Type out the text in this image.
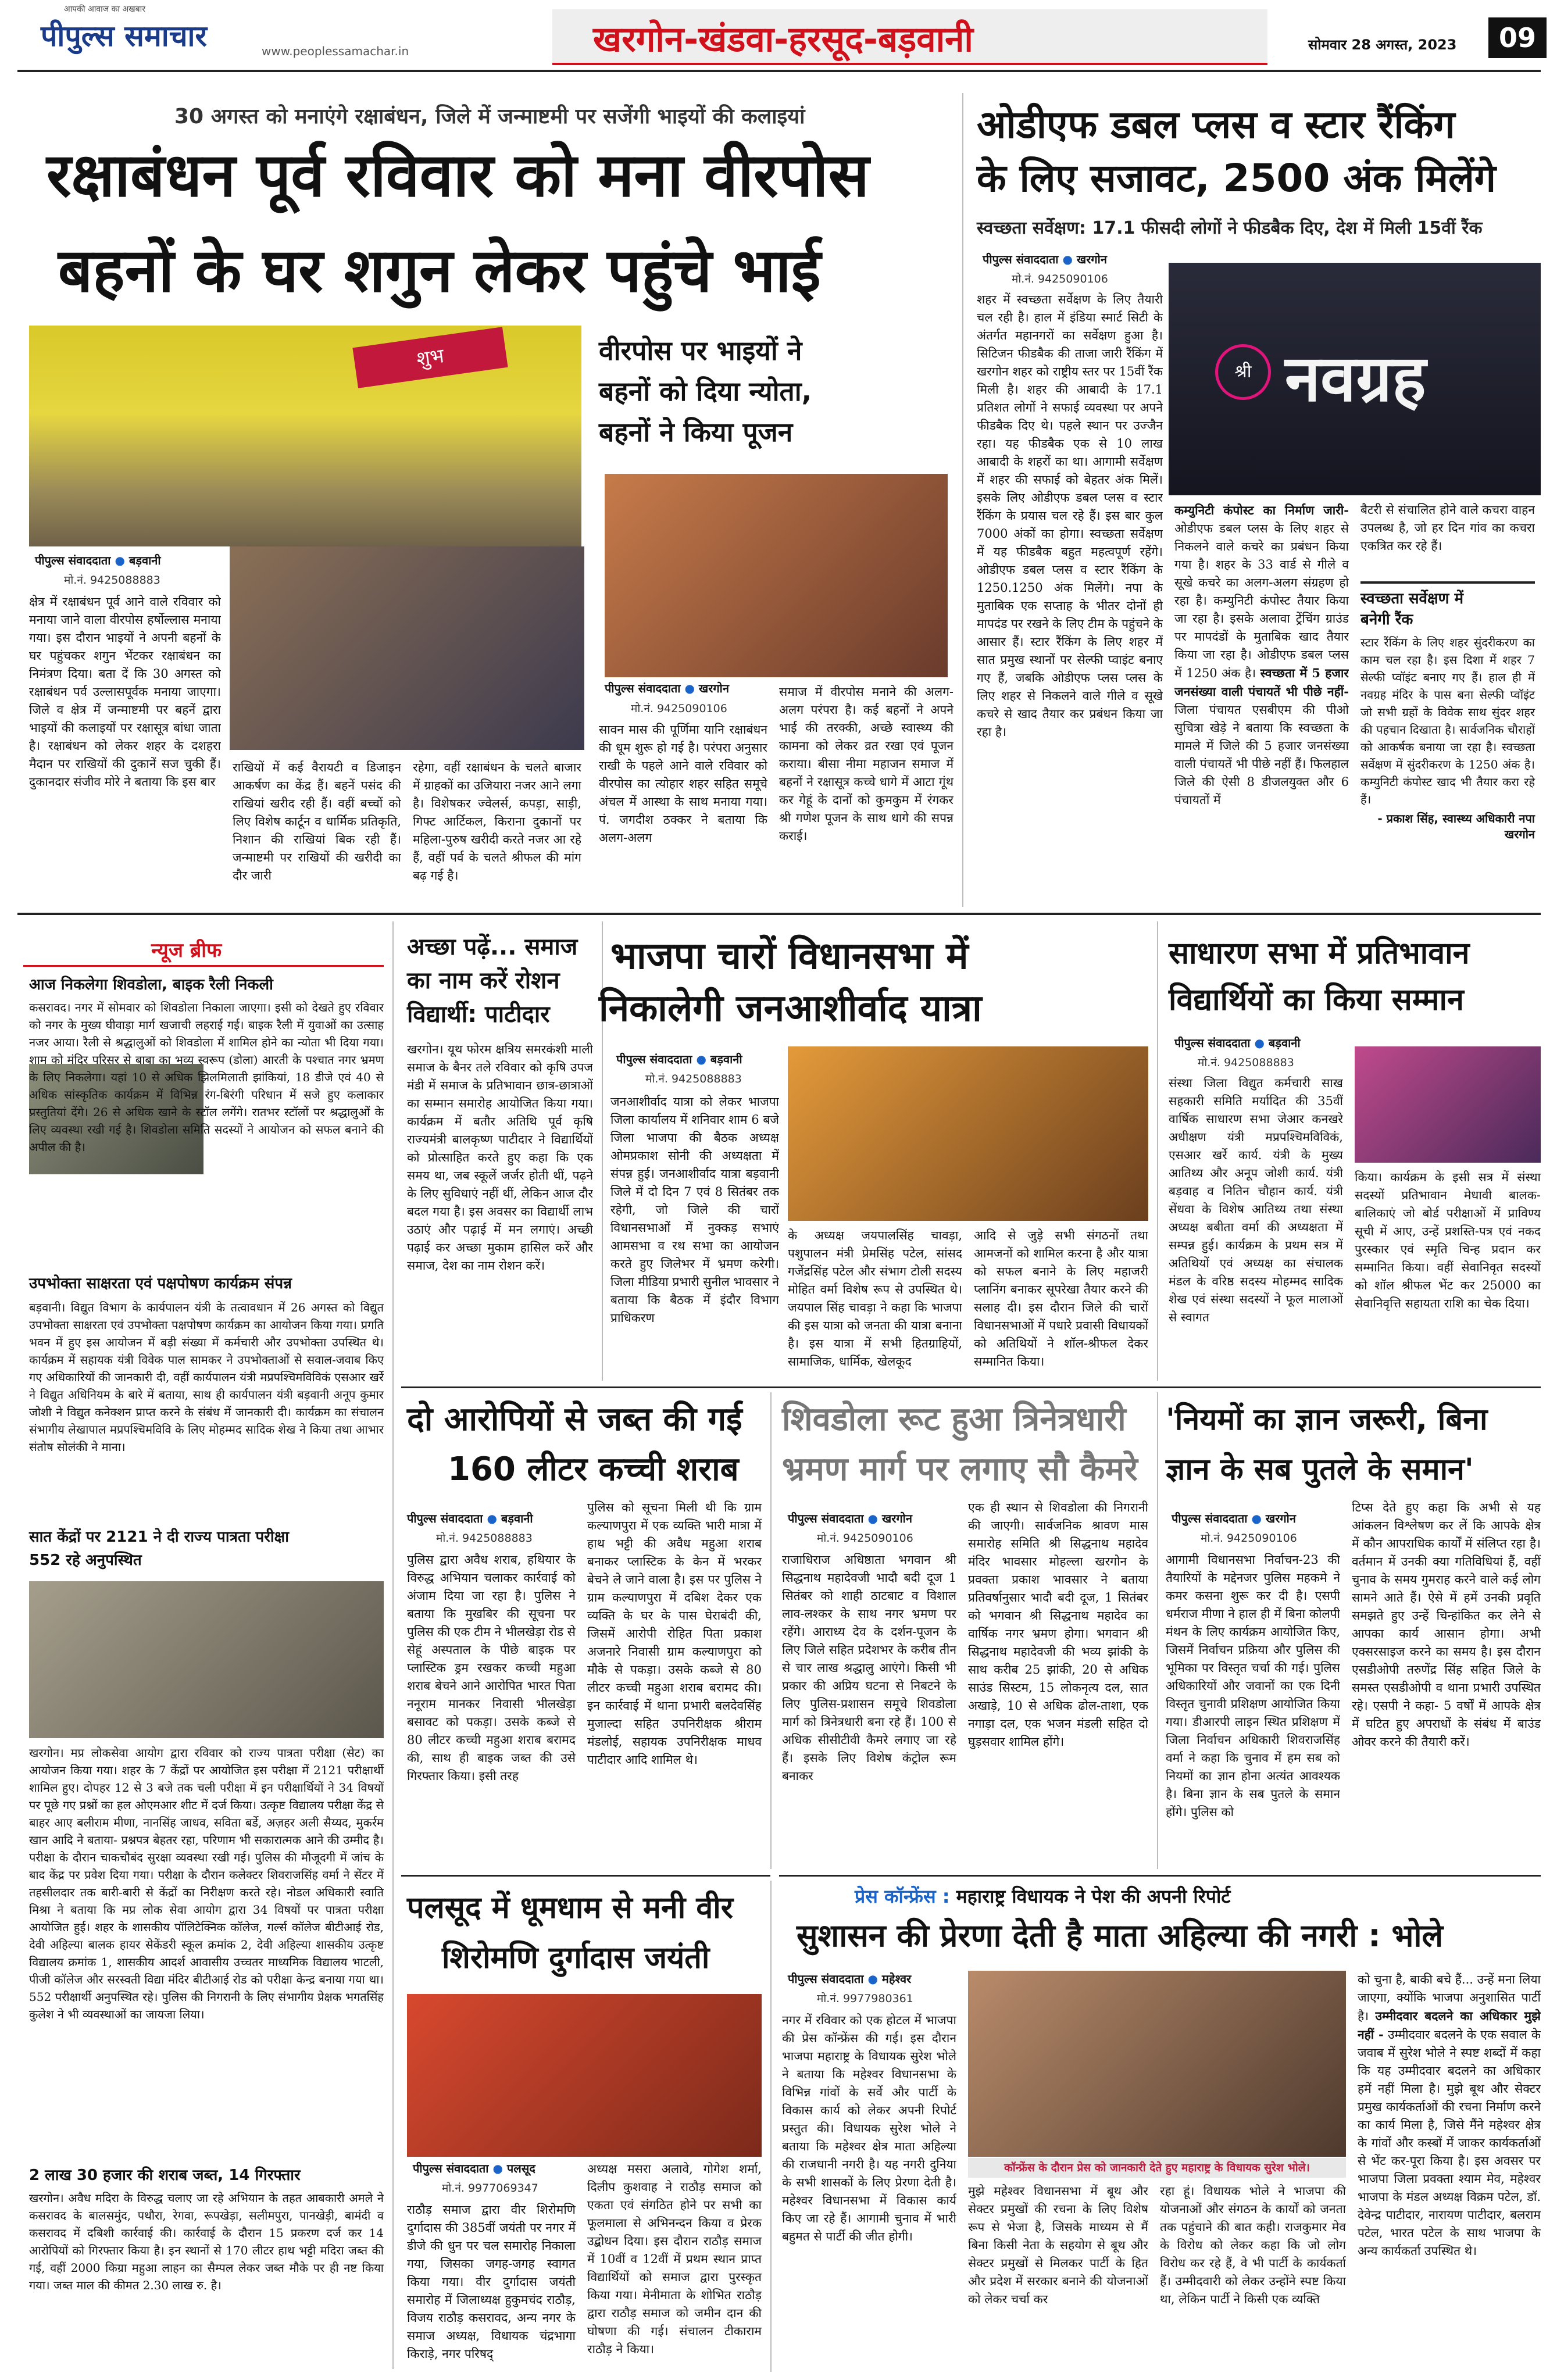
आपकी आवाज का अखबार
पीपुल्स समाचार	www.peoplessamachar.in	खरगोन-खंडवा-हरसूद-बड़वानी	सोमवार 28 अगस्त, 2023	09
30 अगस्त को मनाएंगे रक्षाबंधन, जिले में जन्माष्टमी पर सजेंगी भाइयों की कलाइयां
रक्षाबंधन पूर्व रविवार को मना वीरपोस
बहनों के घर शगुन लेकर पहुंचे भाई
शुभ
पीपुल्स संवाददाता ● बड़वानी
मो.नं. 9425088883
क्षेत्र में रक्षाबंधन पूर्व आने वाले रविवार को मनाया जाने वाला वीरपोस हर्षोल्लास मनाया गया। इस दौरान भाइयों ने अपनी बहनों के घर पहुंचकर शगुन भेंटकर रक्षाबंधन का निमंत्रण दिया। बता दें कि 30 अगस्त को रक्षाबंधन पर्व उल्लासपूर्वक मनाया जाएगा। जिले व क्षेत्र में जन्माष्टमी पर बहनें द्वारा भाइयों की कलाइयों पर रक्षासूत्र बांधा जाता है। रक्षाबंधन को लेकर शहर के दशहरा मैदान पर राखियों की दुकानें सज चुकी हैं। दुकानदार संजीव मोरे ने बताया कि इस बार
राखियों में कई वैरायटी व डिजाइन आकर्षण का केंद्र हैं। बहनें पसंद की राखियां खरीद रही हैं। वहीं बच्चों को लिए विशेष कार्टून व धार्मिक प्रतिकृति, निशान की राखियां बिक रही हैं। जन्माष्टमी पर राखियों की खरीदी का दौर जारी
रहेगा, वहीं रक्षाबंधन के चलते बाजार में ग्राहकों का उजियारा नजर आने लगा है। विशेषकर ज्वेलर्स, कपड़ा, साड़ी, गिफ्ट आर्टिकल, किराना दुकानों पर महिला-पुरुष खरीदी करते नजर आ रहे हैं, वहीं पर्व के चलते श्रीफल की मांग बढ़ गई है।
वीरपोस पर भाइयों ने
बहनों को दिया न्योता,
बहनों ने किया पूजन
पीपुल्स संवाददाता ● खरगोन
मो.नं. 9425090106
सावन मास की पूर्णिमा यानि रक्षाबंधन की धूम शुरू हो गई है। परंपरा अनुसार राखी के पहले आने वाले रविवार को वीरपोस का त्योहार शहर सहित समूचे अंचल में आस्था के साथ मनाया गया। पं. जगदीश ठक्कर ने बताया कि अलग-अलग
समाज में वीरपोस मनाने की अलग-अलग परंपरा है। कई बहनों ने अपने भाई की तरक्की, अच्छे स्वास्थ्य की कामना को लेकर व्रत रखा एवं पूजन कराया। बीसा नीमा महाजन समाज में बहनों ने रक्षासूत्र कच्चे धागे में आटा गूंथ कर गेहूं के दानों को कुमकुम में रंगकर श्री गणेश पूजन के साथ धागे की सपन्न कराई।
ओडीएफ डबल प्लस व स्टार रैंकिंग
के लिए सजावट, 2500 अंक मिलेंगे
स्वच्छता सर्वेक्षण: 17.1 फीसदी लोगों ने फीडबैक दिए, देश में मिली 15वीं रैंक
पीपुल्स संवाददाता ● खरगोन
मो.नं. 9425090106
श्री नवग्रह
शहर में स्वच्छता सर्वेक्षण के लिए तैयारी चल रही है। हाल में इंडिया स्मार्ट सिटी के अंतर्गत महानगरों का सर्वेक्षण हुआ है। सिटिजन फीडबैक की ताजा जारी रैंकिंग में खरगोन शहर को राष्ट्रीय स्तर पर 15वीं रैंक मिली है। शहर की आबादी के 17.1 प्रतिशत लोगों ने सफाई व्यवस्था पर अपने फीडबैक दिए थे। पहले स्थान पर उज्जैन रहा। यह फीडबैक एक से 10 लाख आबादी के शहरों का था। आगामी सर्वेक्षण में शहर की सफाई को बेहतर अंक मिलें। इसके लिए ओडीएफ डबल प्लस व स्टार रैंकिंग के प्रयास चल रहे हैं। इस बार कुल 7000 अंकों का होगा। स्वच्छता सर्वेक्षण में यह फीडबैक बहुत महत्वपूर्ण रहेंगे। ओडीएफ डबल प्लस व स्टार रैंकिंग के 1250.1250 अंक मिलेंगे। नपा के मुताबिक एक सप्ताह के भीतर दोनों ही मापदंड पर रखने के लिए टीम के पहुंचने के आसार हैं। स्टार रैंकिंग के लिए शहर में सात प्रमुख स्थानों पर सेल्फी प्वाइंट बनाए गए हैं, जबकि ओडीएफ प्लस प्लस के लिए शहर से निकलने वाले गीले व सूखे कचरे से खाद तैयार कर प्रबंधन किया जा रहा है।
कम्युनिटी कंपोस्ट का निर्माण जारी- ओडीएफ डबल प्लस के लिए शहर से निकलने वाले कचरे का प्रबंधन किया गया है। शहर के 33 वार्ड से गीले व सूखे कचरे का अलग-अलग संग्रहण हो रहा है। कम्युनिटी कंपोस्ट तैयार किया जा रहा है। इसके अलावा ट्रेंचिंग ग्राउंड पर मापदंडों के मुताबिक खाद तैयार किया जा रहा है। ओडीएफ डबल प्लस में 1250 अंक है। स्वच्छता में 5 हजार जनसंख्या वाली पंचायतें भी पीछे नहीं- जिला पंचायत एसबीएम की पीओ सुचित्रा खेड़े ने बताया कि स्वच्छता के मामले में जिले की 5 हजार जनसंख्या वाली पंचायतें भी पीछे नहीं हैं। फिलहाल जिले की ऐसी 8 डीजलयुक्त और 6 पंचायतों में
बैटरी से संचालित होने वाले कचरा वाहन उपलब्ध है, जो हर दिन गांव का कचरा एकत्रित कर रहे हैं।
स्वच्छता सर्वेक्षण में
बनेगी रैंक
स्टार रैंकिंग के लिए शहर सुंदरीकरण का काम चल रहा है। इस दिशा में शहर 7 सेल्फी प्वॉइंट बनाए गए हैं। हाल ही में नवग्रह मंदिर के पास बना सेल्फी प्वॉइंट जो सभी ग्रहों के विवेक साथ सुंदर शहर की पहचान दिखाता है। सार्वजनिक चौराहों को आकर्षक बनाया जा रहा है। स्वच्छता सर्वेक्षण में सुंदरीकरण के 1250 अंक है। कम्युनिटी कंपोस्ट खाद भी तैयार करा रहे हैं।
- प्रकाश सिंह, स्वास्थ्य अधिकारी नपा खरगोन
न्यूज ब्रीफ
आज निकलेगा शिवडोला, बाइक रैली निकली
कसरावद। नगर में सोमवार को शिवडोला निकाला जाएगा। इसी को देखते हुए रविवार को नगर के मुख्य घीवाड़ा मार्ग खजाची लहराई गई। बाइक रैली में युवाओं का उत्साह नजर आया। रैली से श्रद्धालुओं को शिवडोला में शामिल होने का न्योता भी दिया गया। शाम को मंदिर परिसर से बाबा का भव्य स्वरूप (डोला) आरती के पश्चात नगर भ्रमण के लिए निकलेगा। यहां 10 से अधिक झिलमिलाती झांकियां, 18 डीजे एवं 40 से अधिक सांस्कृतिक कार्यक्रम में विभिन्न रंग-बिरंगी परिधान में सजे हुए कलाकार प्रस्तुतियां देंगे। 26 से अधिक खाने के स्टॉल लगेंगे। रातभर स्टॉलों पर श्रद्धालुओं के लिए व्यवस्था रखी गई है। शिवडोला समिति सदस्यों ने आयोजन को सफल बनाने की अपील की है।
उपभोक्ता साक्षरता एवं पक्षपोषण कार्यक्रम संपन्न
बड़वानी। विद्युत विभाग के कार्यपालन यंत्री के तत्वावधान में 26 अगस्त को विद्युत उपभोक्ता साक्षरता एवं उपभोक्ता पक्षपोषण कार्यक्रम का आयोजन किया गया। प्रगति भवन में हुए इस आयोजन में बड़ी संख्या में कर्मचारी और उपभोक्ता उपस्थित थे। कार्यक्रम में सहायक यंत्री विवेक पाल सामकर ने उपभोक्ताओं से सवाल-जवाब किए गए अधिकारियों की जानकारी दी, वहीं कार्यपालन यंत्री मप्रपश्चिमविविकं एसआर खर्रे ने विद्युत अधिनियम के बारे में बताया, साथ ही कार्यपालन यंत्री बड़वानी अनूप कुमार जोशी ने विद्युत कनेक्शन प्राप्त करने के संबंध में जानकारी दी। कार्यक्रम का संचालन संभागीय लेखापाल मप्रपश्चिमविवि के लिए मोहम्मद सादिक शेख ने किया तथा आभार संतोष सोलंकी ने माना।
सात केंद्रों पर 2121 ने दी राज्य पात्रता परीक्षा
552 रहे अनुपस्थित
खरगोन। मप्र लोकसेवा आयोग द्वारा रविवार को राज्य पात्रता परीक्षा (सेट) का आयोजन किया गया। शहर के 7 केंद्रों पर आयोजित इस परीक्षा में 2121 परीक्षार्थी शामिल हुए। दोपहर 12 से 3 बजे तक चली परीक्षा में इन परीक्षार्थियों ने 34 विषयों पर पूछे गए प्रश्नों का हल ओएमआर शीट में दर्ज किया। उत्कृष्ट विद्यालय परीक्षा केंद्र से बाहर आए बलीराम मीणा, नानसिंह जाधव, सविता बर्डे, अज़हर अली सैय्यद, मुकर्रम खान आदि ने बताया- प्रश्नपत्र बेहतर रहा, परिणाम भी सकारात्मक आने की उम्मीद है। परीक्षा के दौरान चाकचौबंद सुरक्षा व्यवस्था रखी गई। पुलिस की मौजूदगी में जांच के बाद केंद्र पर प्रवेश दिया गया। परीक्षा के दौरान कलेक्टर शिवराजसिंह वर्मा ने सेंटर में तहसीलदार तक बारी-बारी से केंद्रों का निरीक्षण करते रहे। नोडल अधिकारी स्वाति मिश्रा ने बताया कि मप्र लोक सेवा आयोग द्वारा 34 विषयों पर पात्रता परीक्षा आयोजित हुई। शहर के शासकीय पॉलिटेक्निक कॉलेज, गर्ल्स कॉलेज बीटीआई रोड, देवी अहिल्या बालक हायर सेकेंडरी स्कूल क्रमांक 2, देवी अहिल्या शासकीय उत्कृष्ट विद्यालय क्रमांक 1, शासकीय आदर्श आवासीय उच्चतर माध्यमिक विद्यालय भाटली, पीजी कॉलेज और सरस्वती विद्या मंदिर बीटीआई रोड को परीक्षा केन्द्र बनाया गया था। 552 परीक्षार्थी अनुपस्थित रहे। पुलिस की निगरानी के लिए संभागीय प्रेक्षक भगतसिंह कुलेश ने भी व्यवस्थाओं का जायजा लिया।
2 लाख 30 हजार की शराब जब्त, 14 गिरफ्तार
खरगोन। अवैध मदिरा के विरुद्ध चलाए जा रहे अभियान के तहत आबकारी अमले ने कसरावद के बालसमुंद, पथौरा, रेगवा, रूपखेड़ा, सलीमपुरा, पानखेड़ी, बामंदी व कसरावद में दबिशी कार्रवाई की। कार्रवाई के दौरान 15 प्रकरण दर्ज कर 14 आरोपियों को गिरफ्तार किया है। इन स्थानों से 170 लीटर हाथ भट्टी मदिरा जब्त की गई, वहीं 2000 किग्रा महुआ लाहन का सैम्पल लेकर जब्त मौके पर ही नष्ट किया गया। जब्त माल की कीमत 2.30 लाख रु. है।
अच्छा पढ़ें... समाज
का नाम करें रोशन
विद्यार्थी: पाटीदार
खरगोन। यूथ फोरम क्षत्रिय समरकंशी माली समाज के बैनर तले रविवार को कृषि उपज मंडी में समाज के प्रतिभावान छात्र-छात्राओं का सम्मान समारोह आयोजित किया गया। कार्यक्रम में बतौर अतिथि पूर्व कृषि राज्यमंत्री बालकृष्ण पाटीदार ने विद्यार्थियों को प्रोत्साहित करते हुए कहा कि एक समय था, जब स्कूलें जर्जर होती थीं, पढ़ने के लिए सुविधाएं नहीं थीं, लेकिन आज दौर बदल गया है। इस अवसर का विद्यार्थी लाभ उठाएं और पढ़ाई में मन लगाएं। अच्छी पढ़ाई कर अच्छा मुकाम हासिल करें और समाज, देश का नाम रोशन करें।
भाजपा चारों विधानसभा में
निकालेगी जनआशीर्वाद यात्रा
पीपुल्स संवाददाता ● बड़वानी
मो.नं. 9425088883
जनआशीर्वाद यात्रा को लेकर भाजपा जिला कार्यालय में शनिवार शाम 6 बजे जिला भाजपा की बैठक अध्यक्ष ओमप्रकाश सोनी की अध्यक्षता में संपन्न हुई। जनआशीर्वाद यात्रा बड़वानी जिले में दो दिन 7 एवं 8 सितंबर तक रहेगी, जो जिले की चारों विधानसभाओं में नुक्कड़ सभाएं आमसभा व रथ सभा का आयोजन करते हुए जिलेभर में भ्रमण करेगी। जिला मीडिया प्रभारी सुनील भावसार ने बताया कि बैठक में इंदौर विभाग प्राधिकरण
के अध्यक्ष जयपालसिंह चावड़ा, पशुपालन मंत्री प्रेमसिंह पटेल, सांसद गजेंद्रसिंह पटेल और संभाग टोली सदस्य मोहित वर्मा विशेष रूप से उपस्थित थे। जयपाल सिंह चावड़ा ने कहा कि भाजपा की इस यात्रा को जनता की यात्रा बनाना है। इस यात्रा में सभी हितग्राहियों, सामाजिक, धार्मिक, खेलकूद
आदि से जुड़े सभी संगठनों तथा आमजनों को शामिल करना है और यात्रा को सफल बनाने के लिए महाजरी प्लानिंग बनाकर सूपरेखा तैयार करने की सलाह दी। इस दौरान जिले की चारों विधानसभाओं में पधारे प्रवासी विधायकों को अतिथियों ने शॉल-श्रीफल देकर सम्मानित किया।
साधारण सभा में प्रतिभावान
विद्यार्थियों का किया सम्मान
पीपुल्स संवाददाता ● बड़वानी
मो.नं. 9425088883
संस्था जिला विद्युत कर्मचारी साख सहकारी समिति मर्यादित की 35वीं वार्षिक साधारण सभा जेआर कनखरे अधीक्षण यंत्री मप्रपश्चिमविविकं, एसआर खर्रे कार्य. यंत्री के मुख्य आतिथ्य और अनूप जोशी कार्य. यंत्री बड़वाह व नितिन चौहान कार्य. यंत्री सेंधवा के विशेष आतिथ्य तथा संस्था अध्यक्ष बबीता वर्मा की अध्यक्षता में सम्पन्न हुई। कार्यक्रम के प्रथम सत्र में अतिथियों एवं अध्यक्ष का संचालक मंडल के वरिष्ठ सदस्य मोहम्मद सादिक शेख एवं संस्था सदस्यों ने फूल मालाओं से स्वागत
किया। कार्यक्रम के इसी सत्र में संस्था सदस्यों प्रतिभावान मेधावी बालक-बालिकाएं जो बोर्ड परीक्षाओं में प्राविण्य सूची में आए, उन्हें प्रशस्ति-पत्र एवं नकद पुरस्कार एवं स्मृति चिन्ह प्रदान कर सम्मानित किया। वहीं सेवानिवृत सदस्यों को शॉल श्रीफल भेंट कर 25000 का सेवानिवृत्ति सहायता राशि का चेक दिया।
दो आरोपियों से जब्त की गई
160 लीटर कच्ची शराब
पीपुल्स संवाददाता ● बड़वानी
मो.नं. 9425088883
पुलिस द्वारा अवैध शराब, हथियार के विरुद्ध अभियान चलाकर कार्रवाई को अंजाम दिया जा रहा है। पुलिस ने बताया कि मुखबिर की सूचना पर पुलिस की एक टीम ने भीलखेड़ा रोड से सेहूं अस्पताल के पीछे बाइक पर प्लास्टिक ड्रम रखकर कच्ची महुआ शराब बेचने आने आरोपित भारत पिता ननूराम मानकर निवासी भीलखेड़ा बसावट को पकड़ा। उसके कब्जे से 80 लीटर कच्ची महुआ शराब बरामद की, साथ ही बाइक जब्त की उसे गिरफ्तार किया। इसी तरह
पुलिस को सूचना मिली थी कि ग्राम कल्याणपुरा में एक व्यक्ति भारी मात्रा में हाथ भट्टी की अवैध महुआ शराब बनाकर प्लास्टिक के केन में भरकर बेचने ले जाने वाला है। इस पर पुलिस ने ग्राम कल्याणपुरा में दबिश देकर एक व्यक्ति के घर के पास घेराबंदी की, जिसमें आरोपी रोहित पिता प्रकाश अजनारे निवासी ग्राम कल्याणपुरा को मौके से पकड़ा। उसके कब्जे से 80 लीटर कच्ची महुआ शराब बरामद की। इन कार्रवाई में थाना प्रभारी बलदेवसिंह मुजाल्दा सहित उपनिरीक्षक श्रीराम मंडलोई, सहायक उपनिरीक्षक माधव पाटीदार आदि शामिल थे।
शिवडोला रूट हुआ त्रिनेत्रधारी
भ्रमण मार्ग पर लगाए सौ कैमरे
पीपुल्स संवाददाता ● खरगोन
मो.नं. 9425090106
राजाधिराज अधिष्ठाता भगवान श्री सिद्धनाथ महादेवजी भादौ बदी दूज 1 सितंबर को शाही ठाटबाट व विशाल लाव-लश्कर के साथ नगर भ्रमण पर रहेंगे। आराध्य देव के दर्शन-पूजन के लिए जिले सहित प्रदेशभर के करीब तीन से चार लाख श्रद्धालु आएंगे। किसी भी प्रकार की अप्रिय घटना से निबटने के लिए पुलिस-प्रशासन समूचे शिवडोला मार्ग को त्रिनेत्रधारी बना रहे हैं। 100 से अधिक सीसीटीवी कैमरे लगाए जा रहे हैं। इसके लिए विशेष कंट्रोल रूम बनाकर
एक ही स्थान से शिवडोला की निगरानी की जाएगी। सार्वजनिक श्रावण मास समारोह समिति श्री सिद्धनाथ महादेव मंदिर भावसार मोहल्ला खरगोन के प्रवक्ता प्रकाश भावसार ने बताया प्रतिवर्षानुसार भादौ बदी दूज, 1 सितंबर को भगवान श्री सिद्धनाथ महादेव का वार्षिक नगर भ्रमण होगा। भगवान श्री सिद्धनाथ महादेवजी की भव्य झांकी के साथ करीब 25 झांकी, 20 से अधिक साउंड सिस्टम, 15 लोकनृत्य दल, सात अखाड़े, 10 से अधिक ढोल-ताशा, एक नगाड़ा दल, एक भजन मंडली सहित दो घुड़सवार शामिल होंगे।
'नियमों का ज्ञान जरूरी, बिना
ज्ञान के सब पुतले के समान'
पीपुल्स संवाददाता ● खरगोन
मो.नं. 9425090106
आगामी विधानसभा निर्वाचन-23 की तैयारियों के मद्देनजर पुलिस महकमे ने कमर कसना शुरू कर दी है। एसपी धर्मराज मीणा ने हाल ही में बिना कोलपी मंथन के लिए कार्यक्रम आयोजित किए, जिसमें निर्वाचन प्रक्रिया और पुलिस की भूमिका पर विस्तृत चर्चा की गई। पुलिस अधिकारियों और जवानों का एक दिनी विस्तृत चुनावी प्रशिक्षण आयोजित किया गया। डीआरपी लाइन स्थित प्रशिक्षण में जिला निर्वाचन अधिकारी शिवराजसिंह वर्मा ने कहा कि चुनाव में हम सब को नियमों का ज्ञान होना अत्यंत आवश्यक है। बिना ज्ञान के सब पुतले के समान होंगे। पुलिस को
टिप्स देते हुए कहा कि अभी से यह आंकलन विश्लेषण कर लें कि आपके क्षेत्र में कौन आपराधिक कार्यों में संलिप्त रहा है। वर्तमान में उनकी क्या गतिविधियां हैं, वहीं चुनाव के समय गुमराह करने वाले कई लोग सामने आते हैं। ऐसे में हमें उनकी प्रवृति समझते हुए उन्हें चिन्हांकित कर लेने से आपका कार्य आसान होगा। अभी एक्सरसाइज करने का समय है। इस दौरान एसडीओपी तरुणेंद्र सिंह सहित जिले के समस्त एसडीओपी व थाना प्रभारी उपस्थित रहे। एसपी ने कहा- 5 वर्षों में आपके क्षेत्र में घटित हुए अपराधों के संबंध में बाउंड ओवर करने की तैयारी करें।
पलसूद में धूमधाम से मनी वीर
शिरोमणि दुर्गादास जयंती
पीपुल्स संवाददाता ● पलसूद
मो.नं. 9977069347
राठौड़ समाज द्वारा वीर शिरोमणि दुर्गादास की 385वीं जयंती पर नगर में डीजे की धुन पर चल समारोह निकाला गया, जिसका जगह-जगह स्वागत किया गया। वीर दुर्गादास जयंती समारोह में जिलाध्यक्ष हुकुमचंद राठौड़, विजय राठौड़ कसरावद, अन्य नगर के समाज अध्यक्ष, विधायक चंद्रभागा किराड़े, नगर परिषद्
अध्यक्ष मसरा अलावे, गोगेश शर्मा, दिलीप कुशवाह ने राठौड़ समाज को एकता एवं संगठित होने पर सभी का फूलमाला से अभिनन्दन किया व प्रेरक उद्बोधन दिया। इस दौरान राठौड़ समाज में 10वीं व 12वीं में प्रथम स्थान प्राप्त विद्यार्थियों को समाज द्वारा पुरस्कृत किया गया। मेनीमाता के शोभित राठौड़ द्वारा राठौड़ समाज को जमीन दान की घोषणा की गई। संचालन टीकाराम राठौड़ ने किया।
प्रेस कॉन्फ्रेंस : महाराष्ट्र विधायक ने पेश की अपनी रिपोर्ट
सुशासन की प्रेरणा देती है माता अहिल्या की नगरी : भोले
पीपुल्स संवाददाता ● महेश्वर
मो.नं. 9977980361
नगर में रविवार को एक होटल में भाजपा की प्रेस कॉन्फ्रेंस की गई। इस दौरान भाजपा महाराष्ट्र के विधायक सुरेश भोले ने बताया कि महेश्वर विधानसभा के विभिन्न गांवों के सर्वे और पार्टी के विकास कार्य को लेकर अपनी रिपोर्ट प्रस्तुत की। विधायक सुरेश भोले ने बताया कि महेश्वर क्षेत्र माता अहिल्या की राजधानी नगरी है। यह नगरी दुनिया के सभी शासकों के लिए प्रेरणा देती है। महेश्वर विधानसभा में विकास कार्य किए जा रहे हैं। आगामी चुनाव में भारी बहुमत से पार्टी की जीत होगी।
कॉन्फ्रेंस के दौरान प्रेस को जानकारी देते हुए महाराष्ट्र के विधायक सुरेश भोले।
मुझे महेश्वर विधानसभा में बूथ और सेक्टर प्रमुखों की रचना के लिए विशेष रूप से भेजा है, जिसके माध्यम से मैं बिना किसी नेता के सहयोग से बूथ और सेक्टर प्रमुखों से मिलकर पार्टी के हित और प्रदेश में सरकार बनाने की योजनाओं को लेकर चर्चा कर
रहा हूं। विधायक भोले ने भाजपा की योजनाओं और संगठन के कार्यों को जनता तक पहुंचाने की बात कही। राजकुमार मेव के विरोध को लेकर कहा कि जो लोग विरोध कर रहे हैं, वे भी पार्टी के कार्यकर्ता हैं। उम्मीदवारी को लेकर उन्होंने स्पष्ट किया था, लेकिन पार्टी ने किसी एक व्यक्ति
को चुना है, बाकी बचे हैं... उन्हें मना लिया जाएगा, क्योंकि भाजपा अनुशासित पार्टी है। उम्मीदवार बदलने का अधिकार मुझे नहीं - उम्मीदवार बदलने के एक सवाल के जवाब में सुरेश भोले ने स्पष्ट शब्दों में कहा कि यह उम्मीदवार बदलने का अधिकार हमें नहीं मिला है। मुझे बूथ और सेक्टर प्रमुख कार्यकर्ताओं की रचना निर्माण करने का कार्य मिला है, जिसे मैंने महेश्वर क्षेत्र के गांवों और कस्बों में जाकर कार्यकर्ताओं से भेंट कर-पूरा किया है। इस अवसर पर भाजपा जिला प्रवक्ता श्याम मेव, महेश्वर भाजपा के मंडल अध्यक्ष विक्रम पटेल, डॉ. देवेन्द्र पाटीदार, नारायण पाटीदार, बलराम पटेल, भारत पटेल के साथ भाजपा के अन्य कार्यकर्ता उपस्थित थे।
